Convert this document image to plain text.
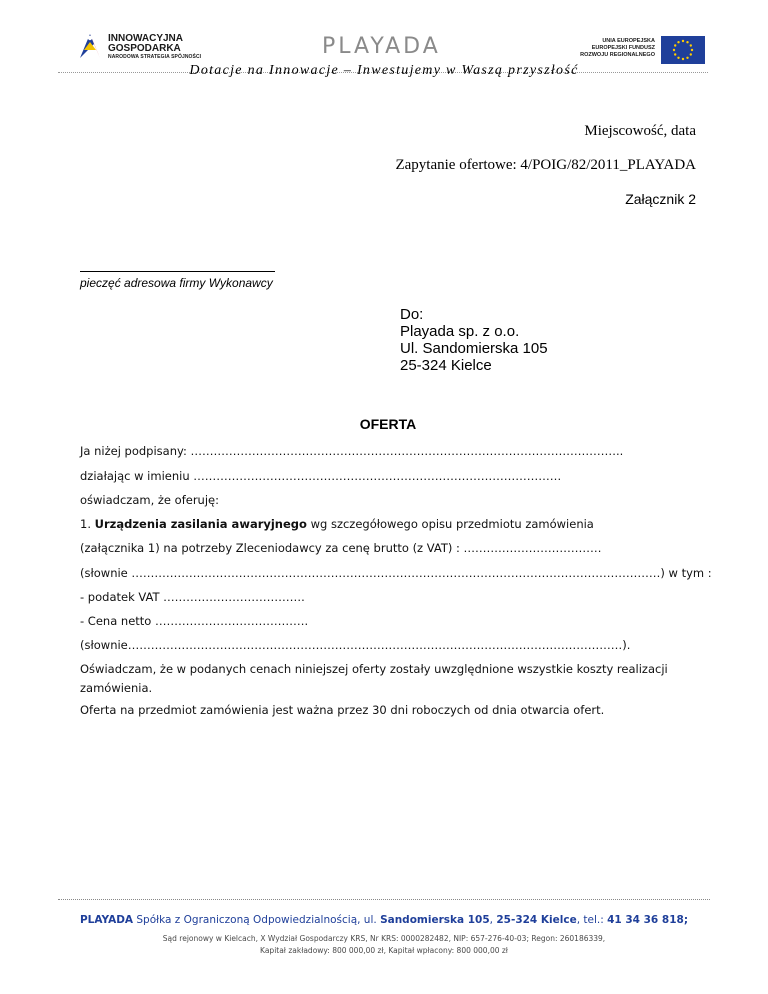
INNOWACYJNA
GOSPODARKA
NARODOWA STRATEGIA SPÓJNOŚCI	PLAYADA	UNIA EUROPEJSKA
EUROPEJSKI FUNDUSZ
ROZWOJU REGIONALNEGO
Dotacje na Innowacje – Inwestujemy w Waszą przyszłość
Miejscowość, data
Zapytanie ofertowe: 4/POIG/82/2011_PLAYADA
Załącznik 2
pieczęć adresowa firmy Wykonawcy
Do:
Playada sp. z o.o.
Ul. Sandomierska 105
25-324 Kielce
OFERTA
Ja niżej podpisany: …………………………………………………………………………………………………..
działając w imieniu ……………………………………………………………………………………
oświadczam, że oferuję:
1. Urządzenia zasilania awaryjnego wg szczegółowego opisu przedmiotu zamówienia
(załącznika 1) na potrzeby Zleceniodawcy za cenę brutto (z VAT) : ………………………………
(słownie …………………………………………………………………………………………………………………………) w tym :
- podatek VAT ……………………………….
- Cena netto ………………………………….
(słownie…………………………………………………………………………………………………………………).
Oświadczam, że w podanych cenach niniejszej oferty zostały uwzględnione wszystkie koszty realizacji zamówienia.
Oferta na przedmiot zamówienia jest ważna przez 30 dni roboczych od dnia otwarcia ofert.
PLAYADA Spółka z Ograniczoną Odpowiedzialnością, ul. Sandomierska 105, 25-324 Kielce, tel.: 41 34 36 818;
Sąd rejonowy w Kielcach, X Wydział Gospodarczy KRS, Nr KRS: 0000282482, NIP: 657-276-40-03; Regon: 260186339,
Kapitał zakładowy: 800 000,00 zł, Kapitał wpłacony: 800 000,00 zł
